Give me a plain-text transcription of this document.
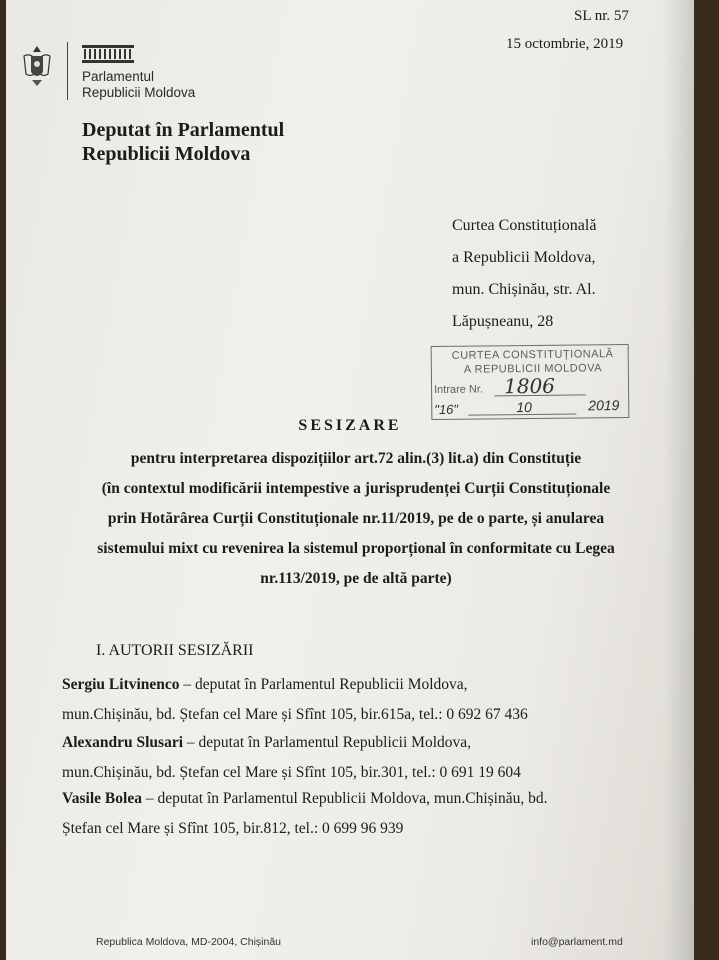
SL nr. 57
15 octombrie, 2019
Parlamentul
Republicii Moldova
Deputat în Parlamentul
Republicii Moldova
Curtea Constituțională
a Republicii Moldova,
mun. Chișinău, str. Al.
Lăpușneanu, 28
CURTEA CONSTITUȚIONALĂ
A REPUBLICII MOLDOVA
Intrare Nr. 1806
"16"	10	2019
SESIZARE
pentru interpretarea dispozițiilor art.72 alin.(3) lit.a) din Constituție
(în contextul modificării intempestive a jurisprudenței Curții Constituționale
prin Hotărârea Curții Constituționale nr.11/2019, pe de o parte, și anularea
sistemului mixt cu revenirea la sistemul proporțional în conformitate cu Legea
nr.113/2019, pe de altă parte)
I. AUTORII SESIZĂRII
Sergiu Litvinenco – deputat în Parlamentul Republicii Moldova,
mun.Chișinău, bd. Ștefan cel Mare și Sfînt 105, bir.615a, tel.: 0 692 67 436
Alexandru Slusari – deputat în Parlamentul Republicii Moldova,
mun.Chișinău, bd. Ștefan cel Mare și Sfînt 105, bir.301, tel.: 0 691 19 604
Vasile Bolea – deputat în Parlamentul Republicii Moldova, mun.Chișinău, bd.
Ștefan cel Mare și Sfînt 105, bir.812, tel.: 0 699 96 939
Republica Moldova, MD-2004, Chișinău	info@parlament.md
